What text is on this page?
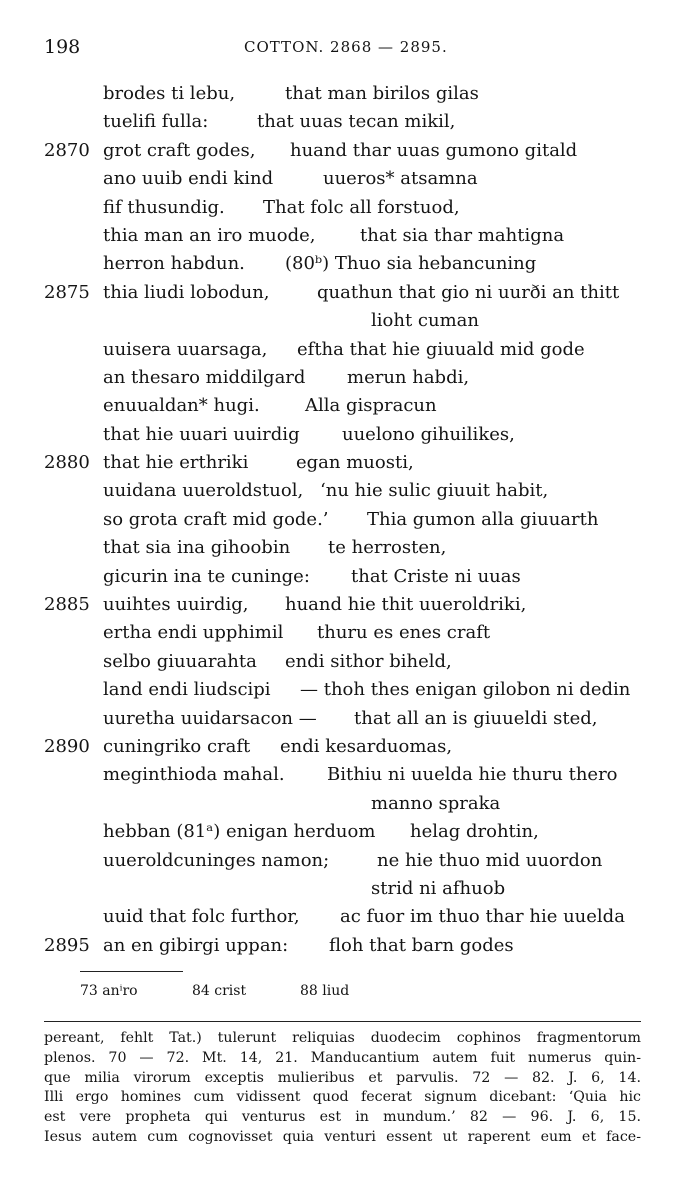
198	COTTON. 2868 — 2895.
brodes ti lebu,	that man birilos gilas
tuelifi fulla:	that uuas tecan mikil,
2870 grot craft godes, huand thar uuas gumono gitald
ano uuib endi kind	uueros* atsamna
fif thusundig. That folc all forstuod,
thia man an iro muode, that sia thar mahtigna
herron habdun. (80ᵇ) Thuo sia hebancuning
2875 thia liudi lobodun,	quathun that gio ni uurði an thitt
lioht cuman
uuisera uuarsaga, eftha that hie giuuald mid gode
an thesaro middilgard merun habdi,
enuualdan* hugi.	Alla gispracun
that hie uuari uuirdig uuelono gihuilikes,
2880 that hie erthriki	egan muosti,
uuidana uueroldstuol, ‘nu hie sulic giuuit habit,
so grota craft mid gode.’ Thia gumon alla giuuarth
that sia ina gihoobin te herrosten,
gicurin ina te cuninge: that Criste ni uuas
2885 uuihtes uuirdig, huand hie thit uueroldriki,
ertha endi upphimil thuru es enes craft
selbo giuuarahta endi sithor biheld,
land endi liudscipi — thoh thes enigan gilobon ni dedin
uuretha uuidarsacon — that all an is giuueldi sted,
2890 cuningriko craft endi kesarduomas,
meginthioda mahal. Bithiu ni uuelda hie thuru thero
manno spraka
hebban (81ᵃ) enigan herduom helag drohtin,
uueroldcuninges namon;	ne hie thuo mid uuordon
strid ni afhuob
uuid that folc furthor, ac fuor im thuo thar hie uuelda
2895 an en gibirgi uppan: floh that barn godes
73 anⁱro	84 crist	88 liud
pereant, fehlt Tat.) tulerunt reliquias duodecim cophinos fragmentorum
plenos. 70 — 72. Mt. 14, 21. Manducantium autem fuit numerus quin-
que milia virorum exceptis mulieribus et parvulis. 72 — 82. J. 6, 14.
Illi ergo homines cum vidissent quod fecerat signum dicebant: ‘Quia hic
est vere propheta qui venturus est in mundum.’ 82 — 96. J. 6, 15.
Iesus autem cum cognovisset quia venturi essent ut raperent eum et face-
